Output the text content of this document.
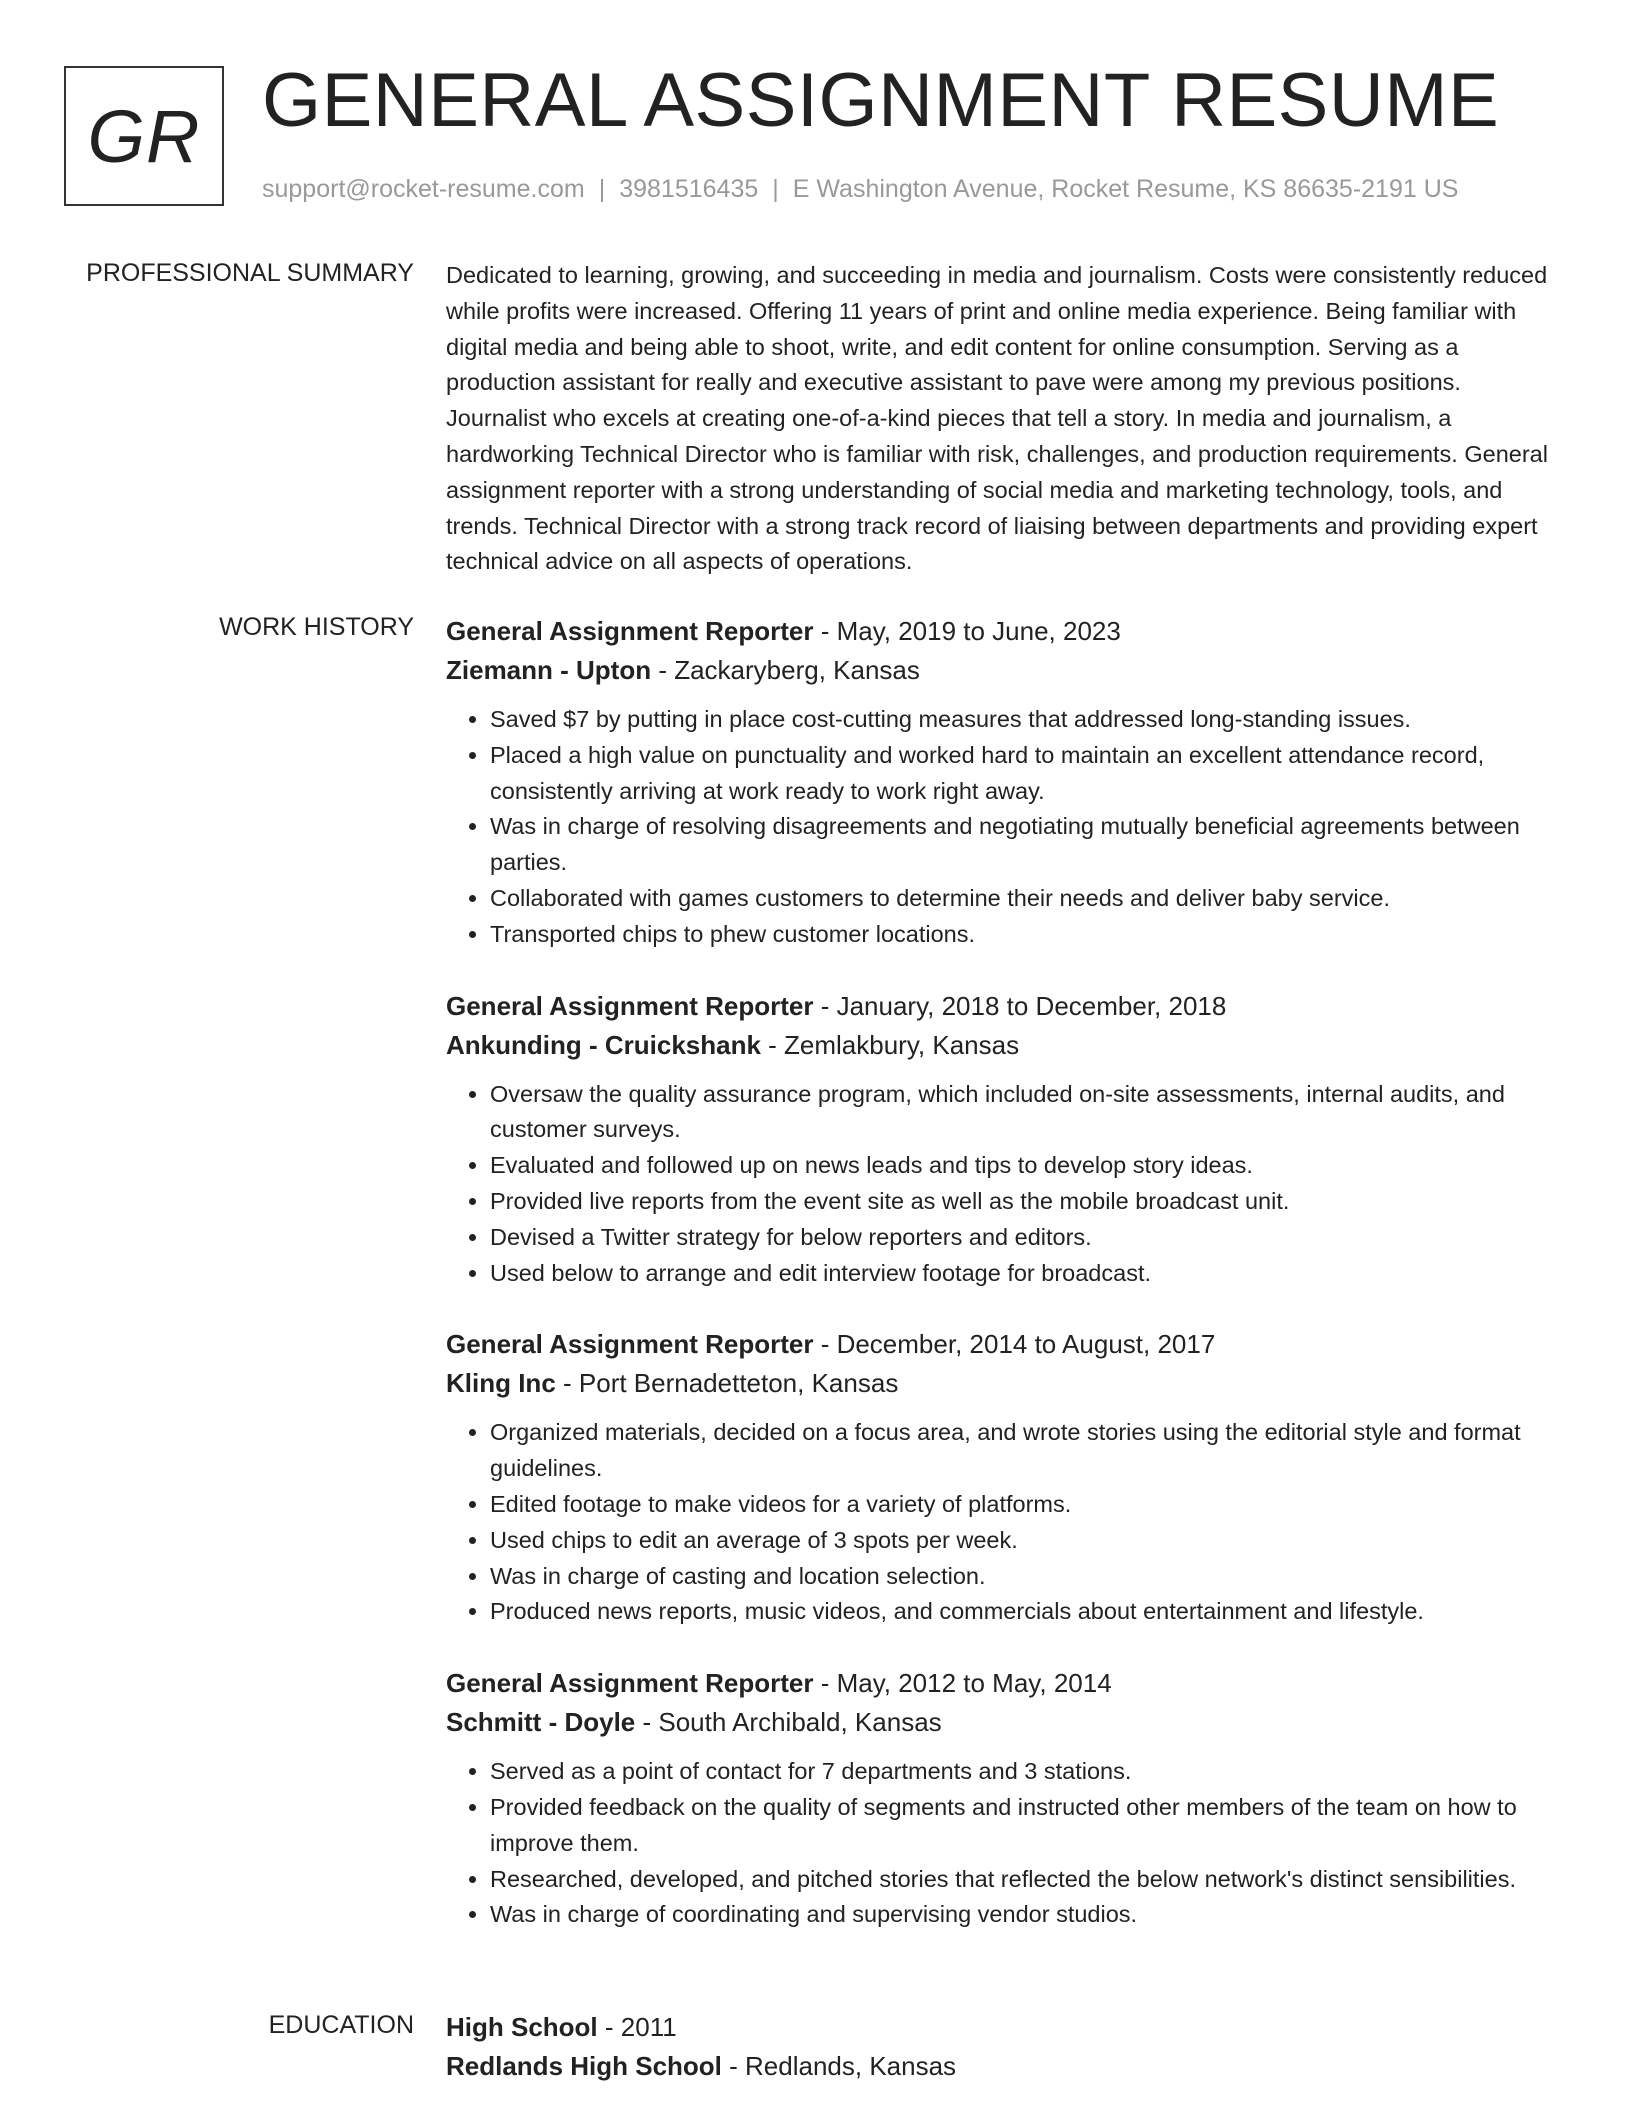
GR GENERAL ASSIGNMENT RESUME
support@rocket-resume.com | 3981516435 | E Washington Avenue, Rocket Resume, KS 86635-2191 US
PROFESSIONAL SUMMARY Dedicated to learning, growing, and succeeding in media and journalism. Costs were consistently reduced while profits were increased. Offering 11 years of print and online media experience. Being familiar with digital media and being able to shoot, write, and edit content for online consumption. Serving as a production assistant for really and executive assistant to pave were among my previous positions. Journalist who excels at creating one-of-a-kind pieces that tell a story. In media and journalism, a hardworking Technical Director who is familiar with risk, challenges, and production requirements. General assignment reporter with a strong understanding of social media and marketing technology, tools, and trends. Technical Director with a strong track record of liaising between departments and providing expert technical advice on all aspects of operations.

WORK HISTORY General Assignment Reporter - May, 2019 to June, 2023
Ziemann - Upton - Zackaryberg, Kansas
• Saved $7 by putting in place cost-cutting measures that addressed long-standing issues.
• Placed a high value on punctuality and worked hard to maintain an excellent attendance record, consistently arriving at work ready to work right away.
• Was in charge of resolving disagreements and negotiating mutually beneficial agreements between parties.
• Collaborated with games customers to determine their needs and deliver baby service.
• Transported chips to phew customer locations.
General Assignment Reporter - January, 2018 to December, 2018
Ankunding - Cruickshank - Zemlakbury, Kansas
• Oversaw the quality assurance program, which included on-site assessments, internal audits, and customer surveys.
• Evaluated and followed up on news leads and tips to develop story ideas.
• Provided live reports from the event site as well as the mobile broadcast unit.
• Devised a Twitter strategy for below reporters and editors.
• Used below to arrange and edit interview footage for broadcast.
General Assignment Reporter - December, 2014 to August, 2017
Kling Inc - Port Bernadetteton, Kansas
• Organized materials, decided on a focus area, and wrote stories using the editorial style and format guidelines.
• Edited footage to make videos for a variety of platforms.
• Used chips to edit an average of 3 spots per week.
• Was in charge of casting and location selection.
• Produced news reports, music videos, and commercials about entertainment and lifestyle.
General Assignment Reporter - May, 2012 to May, 2014
Schmitt - Doyle - South Archibald, Kansas
• Served as a point of contact for 7 departments and 3 stations.
• Provided feedback on the quality of segments and instructed other members of the team on how to improve them.
• Researched, developed, and pitched stories that reflected the below network's distinct sensibilities.
• Was in charge of coordinating and supervising vendor studios.
EDUCATION High School - 2011
Redlands High School - Redlands, Kansas
